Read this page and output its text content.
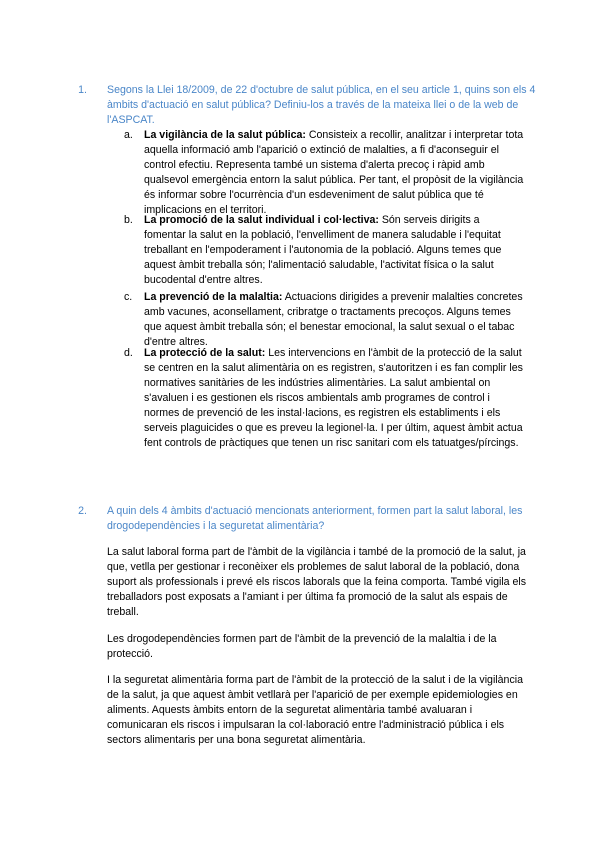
1.	Segons la Llei 18/2009, de 22 d'octubre de salut pública, en el seu article 1, quins son els 4 àmbits d'actuació en salut pública? Definiu-los a través de la mateixa llei o de la web de l'ASPCAT.
a.	La vigilància de la salut pública: Consisteix a recollir, analitzar i interpretar tota aquella informació amb l'aparició o extinció de malalties, a fi d'aconseguir el control efectiu. Representa també un sistema d'alerta precoç i ràpid amb qualsevol emergència entorn la salut pública. Per tant, el propòsit de la vigilància és informar sobre l'ocurrència d'un esdeveniment de salut pública que té implicacions en el territori.
b.	La promoció de la salut individual i col·lectiva: Són serveis dirigits a fomentar la salut en la població, l'envelliment de manera saludable i l'equitat treballant en l'empoderament i l'autonomia de la població. Alguns temes que aquest àmbit treballa són; l'alimentació saludable, l'activitat física o la salut bucodental d'entre altres.
c.	La prevenció de la malaltia: Actuacions dirigides a prevenir malalties concretes amb vacunes, aconsellament, cribratge o tractaments precoços. Alguns temes que aquest àmbit treballa són; el benestar emocional, la salut sexual o el tabac d'entre altres.
d.	La protecció de la salut: Les intervencions en l'àmbit de la protecció de la salut se centren en la salut alimentària on es registren, s'autoritzen i es fan complir les normatives sanitàries de les indústries alimentàries. La salut ambiental on s'avaluen i es gestionen els riscos ambientals amb programes de control i normes de prevenció de les instal·lacions, es registren els establiments i els serveis plaguicides o que es preveu la legionel·la. I per últim, aquest àmbit actua fent controls de pràctiques que tenen un risc sanitari com els tatuatges/pírcings.
2.	A quin dels 4 àmbits d'actuació mencionats anteriorment, formen part la salut laboral, les drogodependències i la seguretat alimentària?
La salut laboral forma part de l'àmbit de la vigilància i també de la promoció de la salut, ja que, vetlla per gestionar i reconèixer els problemes de salut laboral de la població, dona suport als professionals i prevé els riscos laborals que la feina comporta. També vigila els treballadors post exposats a l'amiant i per última fa promoció de la salut als espais de treball.
Les drogodependències formen part de l'àmbit de la prevenció de la malaltia i de la protecció.
I la seguretat alimentària forma part de l'àmbit de la protecció de la salut i de la vigilància de la salut, ja que aquest àmbit vetllarà per l'aparició de per exemple epidemiologies en aliments. Aquests àmbits entorn de la seguretat alimentària també avaluaran i comunicaran els riscos i impulsaran la col·laboració entre l'administració pública i els sectors alimentaris per una bona seguretat alimentària.
